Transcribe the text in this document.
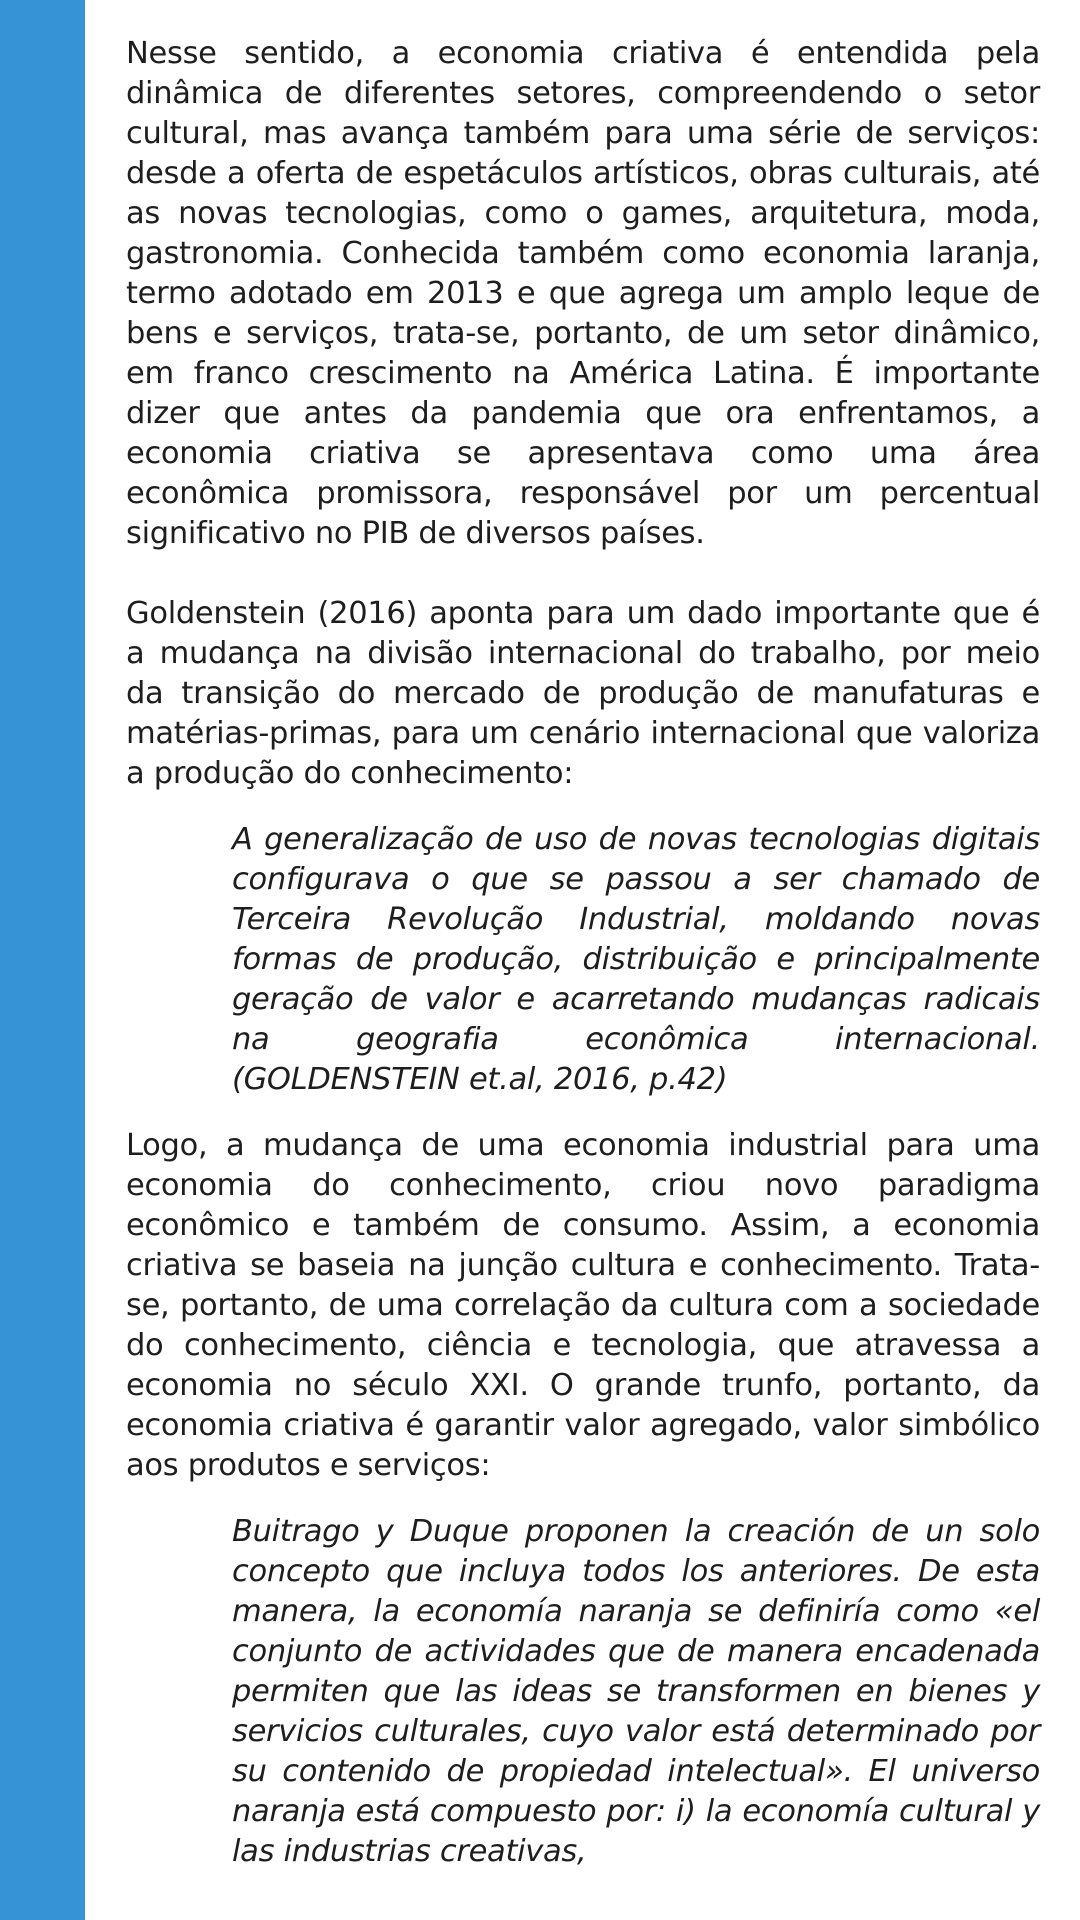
Nesse sentido, a economia criativa é entendida pela dinâmica de diferentes setores, compreendendo o setor cultural, mas avança também para uma série de serviços: desde a oferta de espetáculos artísticos, obras culturais, até as novas tecnologias, como o games, arquitetura, moda, gastronomia. Conhecida também como economia laranja, termo adotado em 2013 e que agrega um amplo leque de bens e serviços, trata-se, portanto, de um setor dinâmico, em franco crescimento na América Latina. É importante dizer que antes da pandemia que ora enfrentamos, a economia criativa se apresentava como uma área econômica promissora, responsável por um percentual significativo no PIB de diversos países.

Goldenstein (2016) aponta para um dado importante que é a mudança na divisão internacional do trabalho, por meio da transição do mercado de produção de manufaturas e matérias-primas, para um cenário internacional que valoriza a produção do conhecimento:

A generalização de uso de novas tecnologias digitais configurava o que se passou a ser chamado de Terceira Revolução Industrial, moldando novas formas de produção, distribuição e principalmente geração de valor e acarretando mudanças radicais na geografia econômica internacional. (GOLDENSTEIN et.al, 2016, p.42)

Logo, a mudança de uma economia industrial para uma economia do conhecimento, criou novo paradigma econômico e também de consumo. Assim, a economia criativa se baseia na junção cultura e conhecimento. Trata-se, portanto, de uma correlação da cultura com a sociedade do conhecimento, ciência e tecnologia, que atravessa a economia no século XXI. O grande trunfo, portanto, da economia criativa é garantir valor agregado, valor simbólico aos produtos e serviços:

Buitrago y Duque proponen la creación de un solo concepto que incluya todos los anteriores. De esta manera, la economía naranja se definiría como «el conjunto de actividades que de manera encadenada permiten que las ideas se transformen en bienes y servicios culturales, cuyo valor está determinado por su contenido de propiedad intelectual». El universo naranja está compuesto por: i) la economía cultural y las industrias creativas,
